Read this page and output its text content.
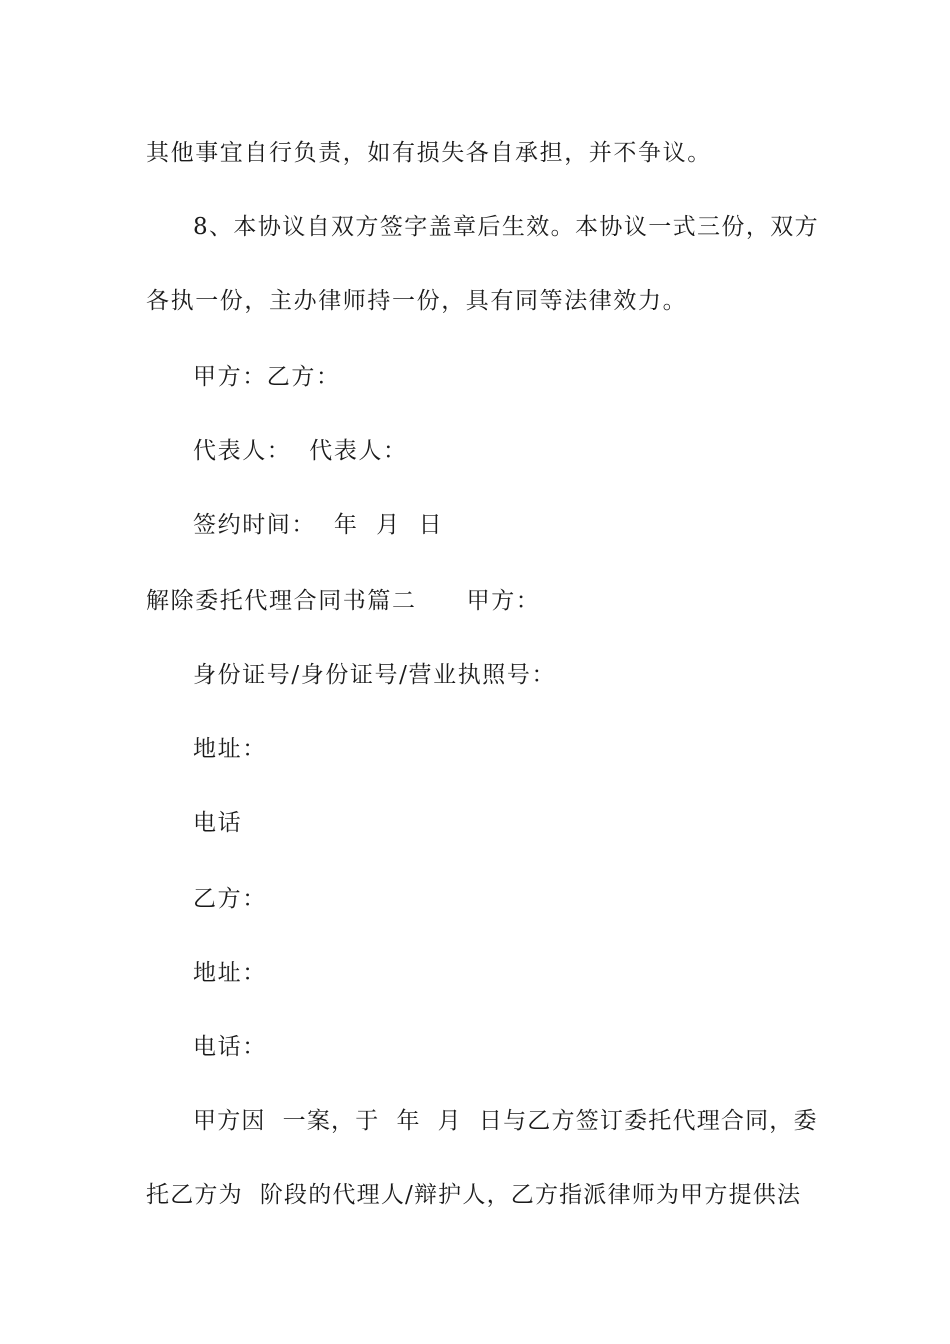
其他事宜自行负责，如有损失各自承担，并不争议。
8、本协议自双方签字盖章后生效。本协议一式三份，双方
各执一份，主办律师持一份，具有同等法律效力。
甲方：乙方：
代表人：  代表人：
签约时间：  年  月  日
解除委托代理合同书篇二 甲方：
身份证号/身份证号/营业执照号：
地址：
电话
乙方：
地址：
电话：
甲方因  一案，于  年  月  日与乙方签订委托代理合同，委
托乙方为  阶段的代理人/辩护人，乙方指派律师为甲方提供法
